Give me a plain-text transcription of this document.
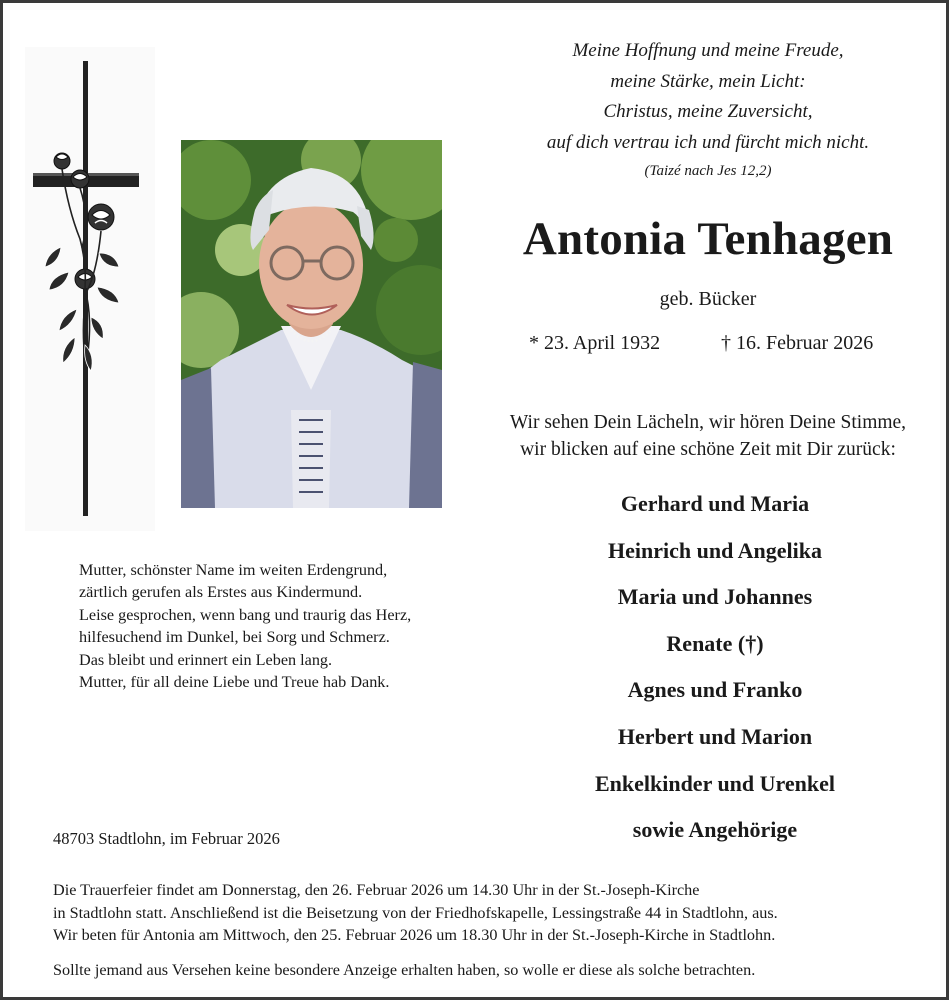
Meine Hoffnung und meine Freude,
meine Stärke, mein Licht:
Christus, meine Zuversicht,
auf dich vertrau ich und fürcht mich nicht.
(Taizé nach Jes 12,2)
Antonia Tenhagen
geb. Bücker
* 23. April 1932	† 16. Februar 2026
Wir sehen Dein Lächeln, wir hören Deine Stimme,
wir blicken auf eine schöne Zeit mit Dir zurück:
Gerhard und Maria
Heinrich und Angelika
Maria und Johannes
Renate (†)
Agnes und Franko
Herbert und Marion
Enkelkinder und Urenkel
sowie Angehörige
Mutter, schönster Name im weiten Erdengrund,
zärtlich gerufen als Erstes aus Kindermund.
Leise gesprochen, wenn bang und traurig das Herz,
hilfesuchend im Dunkel, bei Sorg und Schmerz.
Das bleibt und erinnert ein Leben lang.
Mutter, für all deine Liebe und Treue hab Dank.
48703 Stadtlohn, im Februar 2026
Die Trauerfeier findet am Donnerstag, den 26. Februar 2026 um 14.30 Uhr in der St.-Joseph-Kirche
in Stadtlohn statt. Anschließend ist die Beisetzung von der Friedhofskapelle, Lessingstraße 44 in Stadtlohn, aus.
Wir beten für Antonia am Mittwoch, den 25. Februar 2026 um 18.30 Uhr in der St.-Joseph-Kirche in Stadtlohn.
Sollte jemand aus Versehen keine besondere Anzeige erhalten haben, so wolle er diese als solche betrachten.
